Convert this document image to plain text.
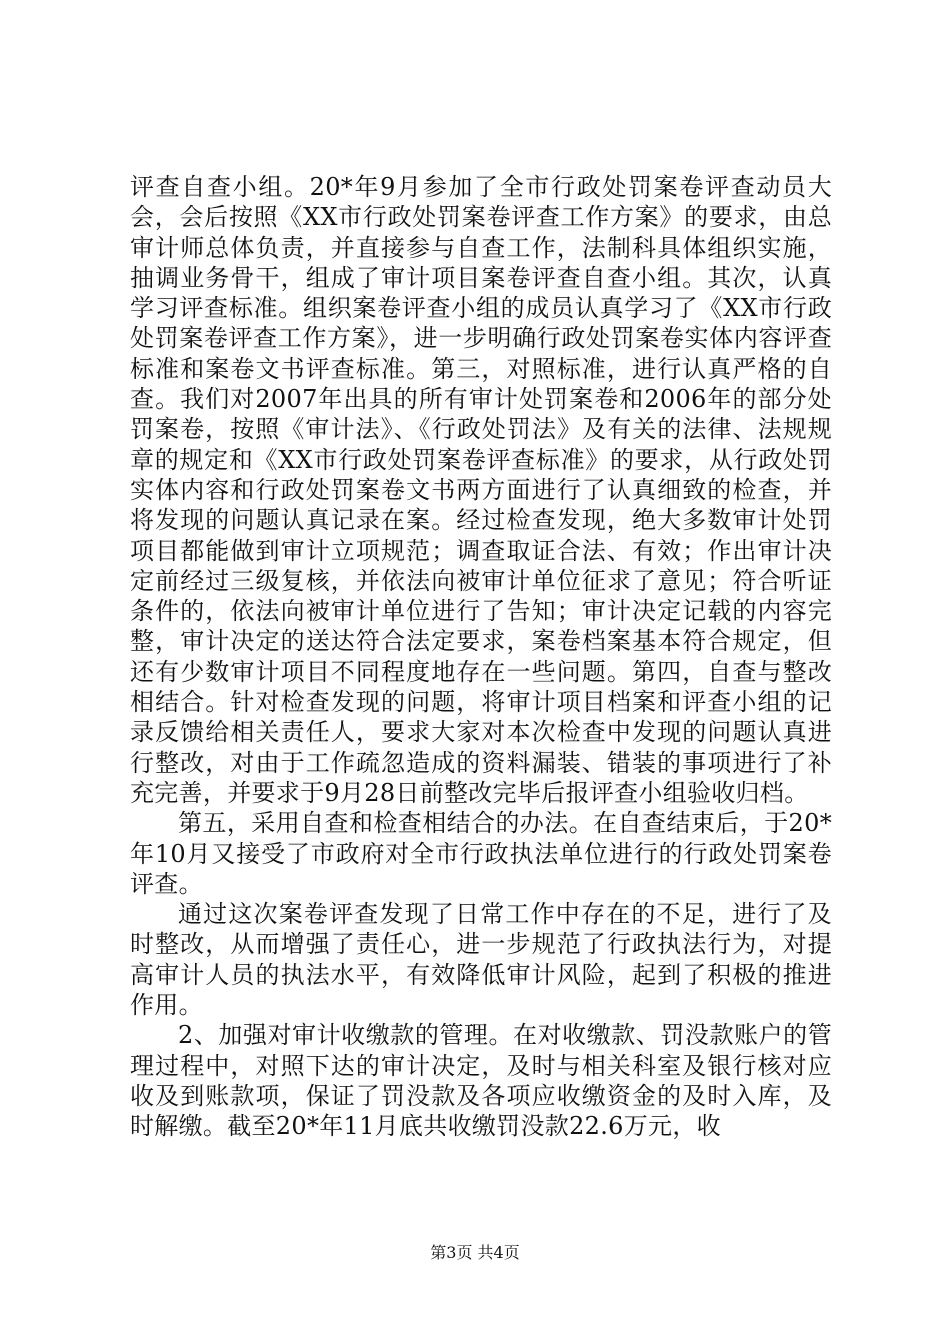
评查自查小组。20*年9月参加了全市行政处罚案卷评查动员大会，会后按照《XX市行政处罚案卷评查工作方案》的要求，由总审计师总体负责，并直接参与自查工作，法制科具体组织实施，抽调业务骨干，组成了审计项目案卷评查自查小组。其次，认真学习评查标准。组织案卷评查小组的成员认真学习了《XX市行政处罚案卷评查工作方案》，进一步明确行政处罚案卷实体内容评查标准和案卷文书评查标准。第三，对照标准，进行认真严格的自查。我们对2007年出具的所有审计处罚案卷和2006年的部分处罚案卷，按照《审计法》、《行政处罚法》及有关的法律、法规规章的规定和《XX市行政处罚案卷评查标准》的要求，从行政处罚实体内容和行政处罚案卷文书两方面进行了认真细致的检查，并将发现的问题认真记录在案。经过检查发现，绝大多数审计处罚项目都能做到审计立项规范；调查取证合法、有效；作出审计决定前经过三级复核，并依法向被审计单位征求了意见；符合听证条件的，依法向被审计单位进行了告知；审计决定记载的内容完整，审计决定的送达符合法定要求，案卷档案基本符合规定，但还有少数审计项目不同程度地存在一些问题。第四，自查与整改相结合。针对检查发现的问题，将审计项目档案和评查小组的记录反馈给相关责任人，要求大家对本次检查中发现的问题认真进行整改，对由于工作疏忽造成的资料漏装、错装的事项进行了补充完善，并要求于9月28日前整改完毕后报评查小组验收归档。

第五，采用自查和检查相结合的办法。在自查结束后，于20*年10月又接受了市政府对全市行政执法单位进行的行政处罚案卷评查。

通过这次案卷评查发现了日常工作中存在的不足，进行了及时整改，从而增强了责任心，进一步规范了行政执法行为，对提高审计人员的执法水平，有效降低审计风险，起到了积极的推进作用。

2、加强对审计收缴款的管理。在对收缴款、罚没款账户的管理过程中，对照下达的审计决定，及时与相关科室及银行核对应收及到账款项，保证了罚没款及各项应收缴资金的及时入库，及时解缴。截至20*年11月底共收缴罚没款22.6万元，收

第3页 共4页
